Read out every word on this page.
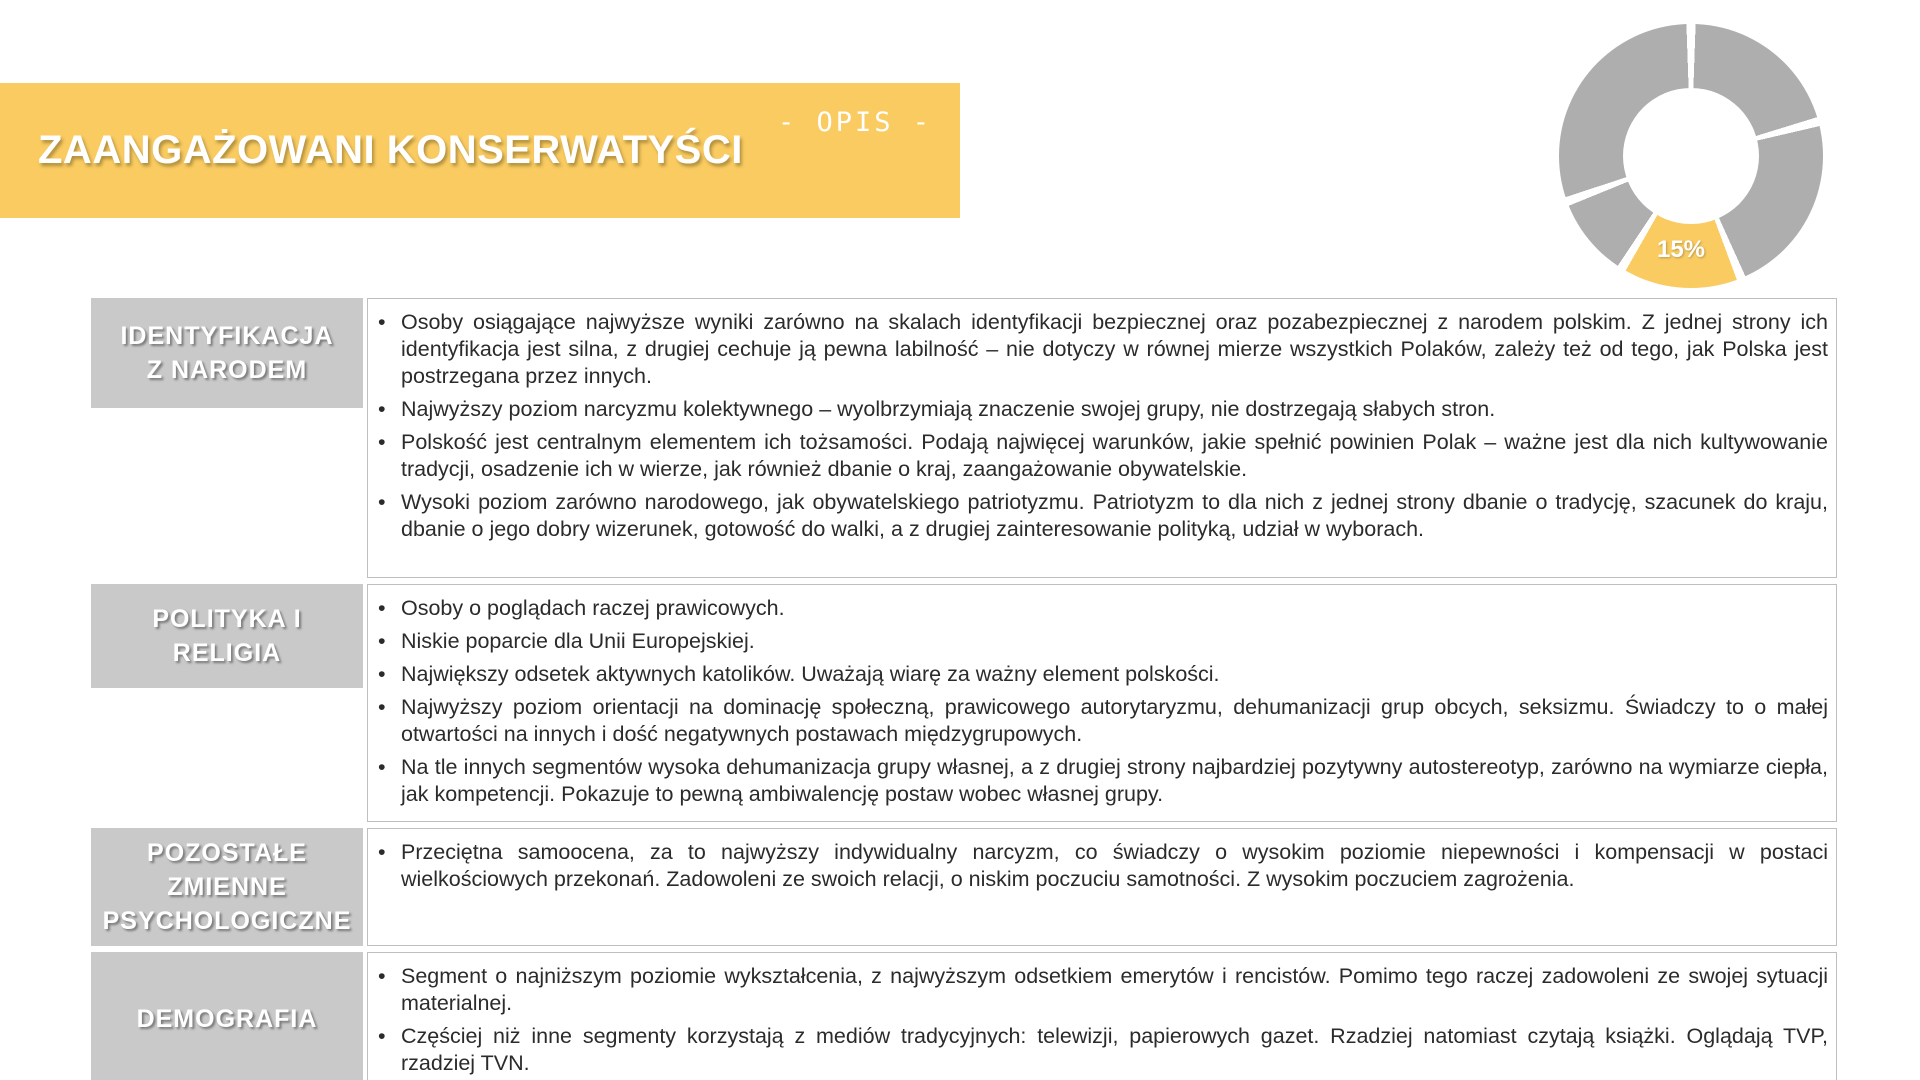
ZAANGAŻOWANI KONSERWATYŚCI
- OPIS -
15%
IDENTYFIKACJA
Z NARODEM
• Osoby osiągające najwyższe wyniki zarówno na skalach identyfikacji bezpiecznej oraz pozabezpiecznej z narodem polskim. Z jednej strony ich identyfikacja jest silna, z drugiej cechuje ją pewna labilność – nie dotyczy w równej mierze wszystkich Polaków, zależy też od tego, jak Polska jest postrzegana przez innych.
• Najwyższy poziom narcyzmu kolektywnego – wyolbrzymiają znaczenie swojej grupy, nie dostrzegają słabych stron.
• Polskość jest centralnym elementem ich tożsamości. Podają najwięcej warunków, jakie spełnić powinien Polak – ważne jest dla nich kultywowanie tradycji, osadzenie ich w wierze, jak również dbanie o kraj, zaangażowanie obywatelskie.
• Wysoki poziom zarówno narodowego, jak obywatelskiego patriotyzmu. Patriotyzm to dla nich z jednej strony dbanie o tradycję, szacunek do kraju, dbanie o jego dobry wizerunek, gotowość do walki, a z drugiej zainteresowanie polityką, udział w wyborach.
POLITYKA I
RELIGIA
• Osoby o poglądach raczej prawicowych.
• Niskie poparcie dla Unii Europejskiej.
• Największy odsetek aktywnych katolików. Uważają wiarę za ważny element polskości.
• Najwyższy poziom orientacji na dominację społeczną, prawicowego autorytaryzmu, dehumanizacji grup obcych, seksizmu. Świadczy to o małej otwartości na innych i dość negatywnych postawach międzygrupowych.
• Na tle innych segmentów wysoka dehumanizacja grupy własnej, a z drugiej strony najbardziej pozytywny autostereotyp, zarówno na wymiarze ciepła, jak kompetencji. Pokazuje to pewną ambiwalencję postaw wobec własnej grupy.
POZOSTAŁE
ZMIENNE
PSYCHOLOGICZNE
• Przeciętna samoocena, za to najwyższy indywidualny narcyzm, co świadczy o wysokim poziomie niepewności i kompensacji w postaci wielkościowych przekonań. Zadowoleni ze swoich relacji, o niskim poczuciu samotności. Z wysokim poczuciem zagrożenia.
DEMOGRAFIA
• Segment o najniższym poziomie wykształcenia, z najwyższym odsetkiem emerytów i rencistów. Pomimo tego raczej zadowoleni ze swojej sytuacji materialnej.
• Częściej niż inne segmenty korzystają z mediów tradycyjnych: telewizji, papierowych gazet. Rzadziej natomiast czytają książki. Oglądają TVP, rzadziej TVN.
